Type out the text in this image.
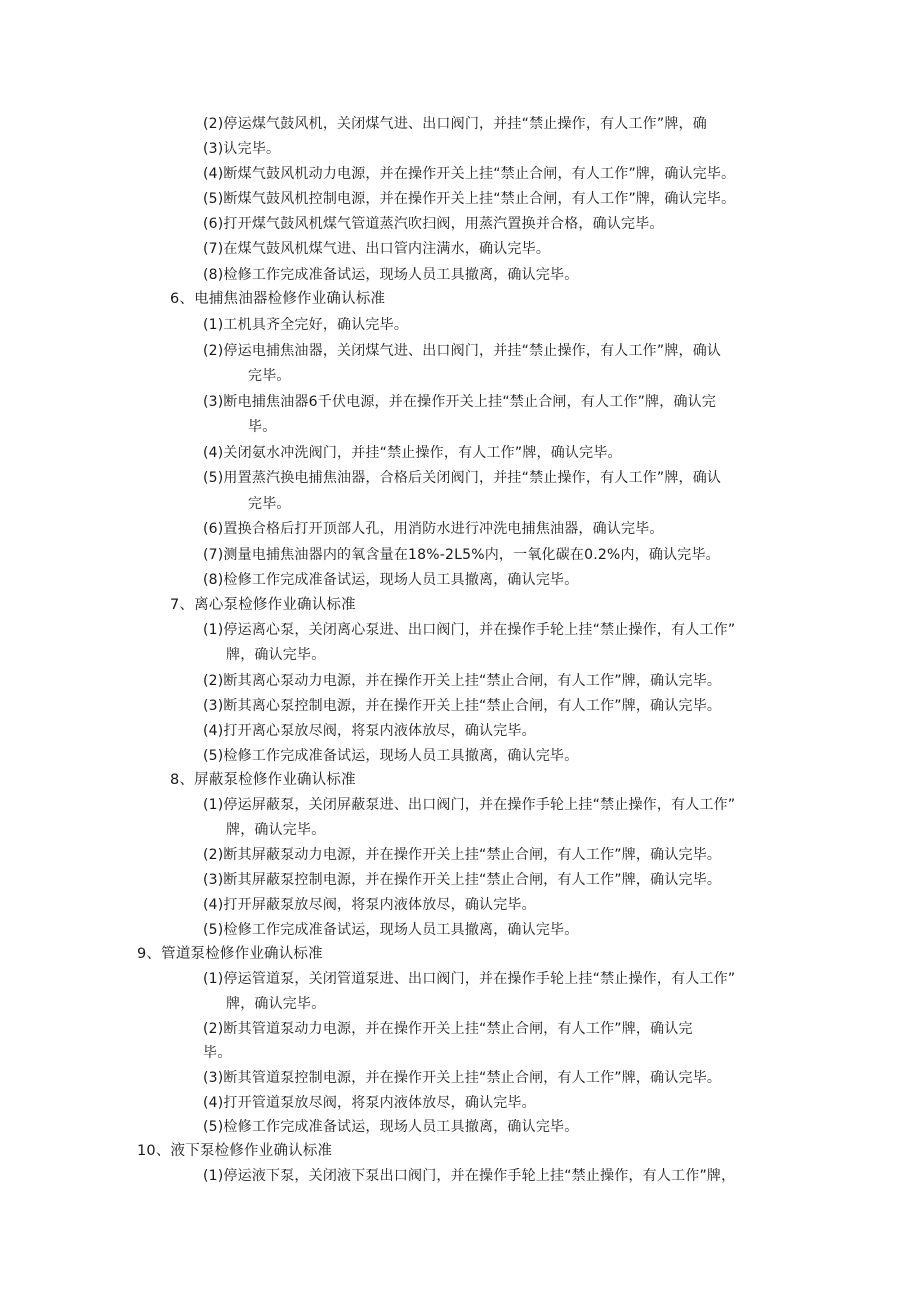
(2)停运煤气鼓风机，关闭煤气进、出口阀门，并挂“禁止操作，有人工作”牌，确
(3)认完毕。
(4)断煤气鼓风机动力电源，并在操作开关上挂“禁止合闸，有人工作”牌，确认完毕。
(5)断煤气鼓风机控制电源，并在操作开关上挂“禁止合闸，有人工作”牌，确认完毕。
(6)打开煤气鼓风机煤气管道蒸汽吹扫阀，用蒸汽置换并合格，确认完毕。
(7)在煤气鼓风机煤气进、出口管内注满水，确认完毕。
(8)检修工作完成准备试运，现场人员工具撤离，确认完毕。
6、电捕焦油器检修作业确认标准
(1)工机具齐全完好，确认完毕。
(2)停运电捕焦油器，关闭煤气进、出口阀门，并挂“禁止操作，有人工作”牌，确认
完毕。
(3)断电捕焦油器6千伏电源，并在操作开关上挂“禁止合闸，有人工作”牌，确认完
毕。
(4)关闭氨水冲洗阀门，并挂“禁止操作，有人工作”牌，确认完毕。
(5)用置蒸汽换电捕焦油器，合格后关闭阀门，并挂“禁止操作，有人工作”牌，确认
完毕。
(6)置换合格后打开顶部人孔，用消防水进行冲洗电捕焦油器，确认完毕。
(7)测量电捕焦油器内的氧含量在18%-2L5%内，一氧化碳在0.2%内，确认完毕。
(8)检修工作完成准备试运，现场人员工具撤离，确认完毕。
7、离心泵检修作业确认标准
(1)停运离心泵，关闭离心泵进、出口阀门，并在操作手轮上挂“禁止操作，有人工作”
牌，确认完毕。
(2)断其离心泵动力电源，并在操作开关上挂“禁止合闸，有人工作”牌，确认完毕。
(3)断其离心泵控制电源，并在操作开关上挂“禁止合闸，有人工作”牌，确认完毕。
(4)打开离心泵放尽阀，将泵内液体放尽，确认完毕。
(5)检修工作完成准备试运，现场人员工具撤离，确认完毕。
8、屏蔽泵检修作业确认标准
(1)停运屏蔽泵，关闭屏蔽泵进、出口阀门，并在操作手轮上挂“禁止操作，有人工作”
牌，确认完毕。
(2)断其屏蔽泵动力电源，并在操作开关上挂“禁止合闸，有人工作”牌，确认完毕。
(3)断其屏蔽泵控制电源，并在操作开关上挂“禁止合闸，有人工作”牌，确认完毕。
(4)打开屏蔽泵放尽阀，将泵内液体放尽，确认完毕。
(5)检修工作完成准备试运，现场人员工具撤离，确认完毕。
9、管道泵检修作业确认标准
(1)停运管道泵，关闭管道泵进、出口阀门，并在操作手轮上挂“禁止操作，有人工作”
牌，确认完毕。
(2)断其管道泵动力电源，并在操作开关上挂“禁止合闸，有人工作”牌，确认完
毕。
(3)断其管道泵控制电源，并在操作开关上挂“禁止合闸，有人工作”牌，确认完毕。
(4)打开管道泵放尽阀，将泵内液体放尽，确认完毕。
(5)检修工作完成准备试运，现场人员工具撤离，确认完毕。
10、液下泵检修作业确认标准
(1)停运液下泵，关闭液下泵出口阀门，并在操作手轮上挂“禁止操作，有人工作”牌，
